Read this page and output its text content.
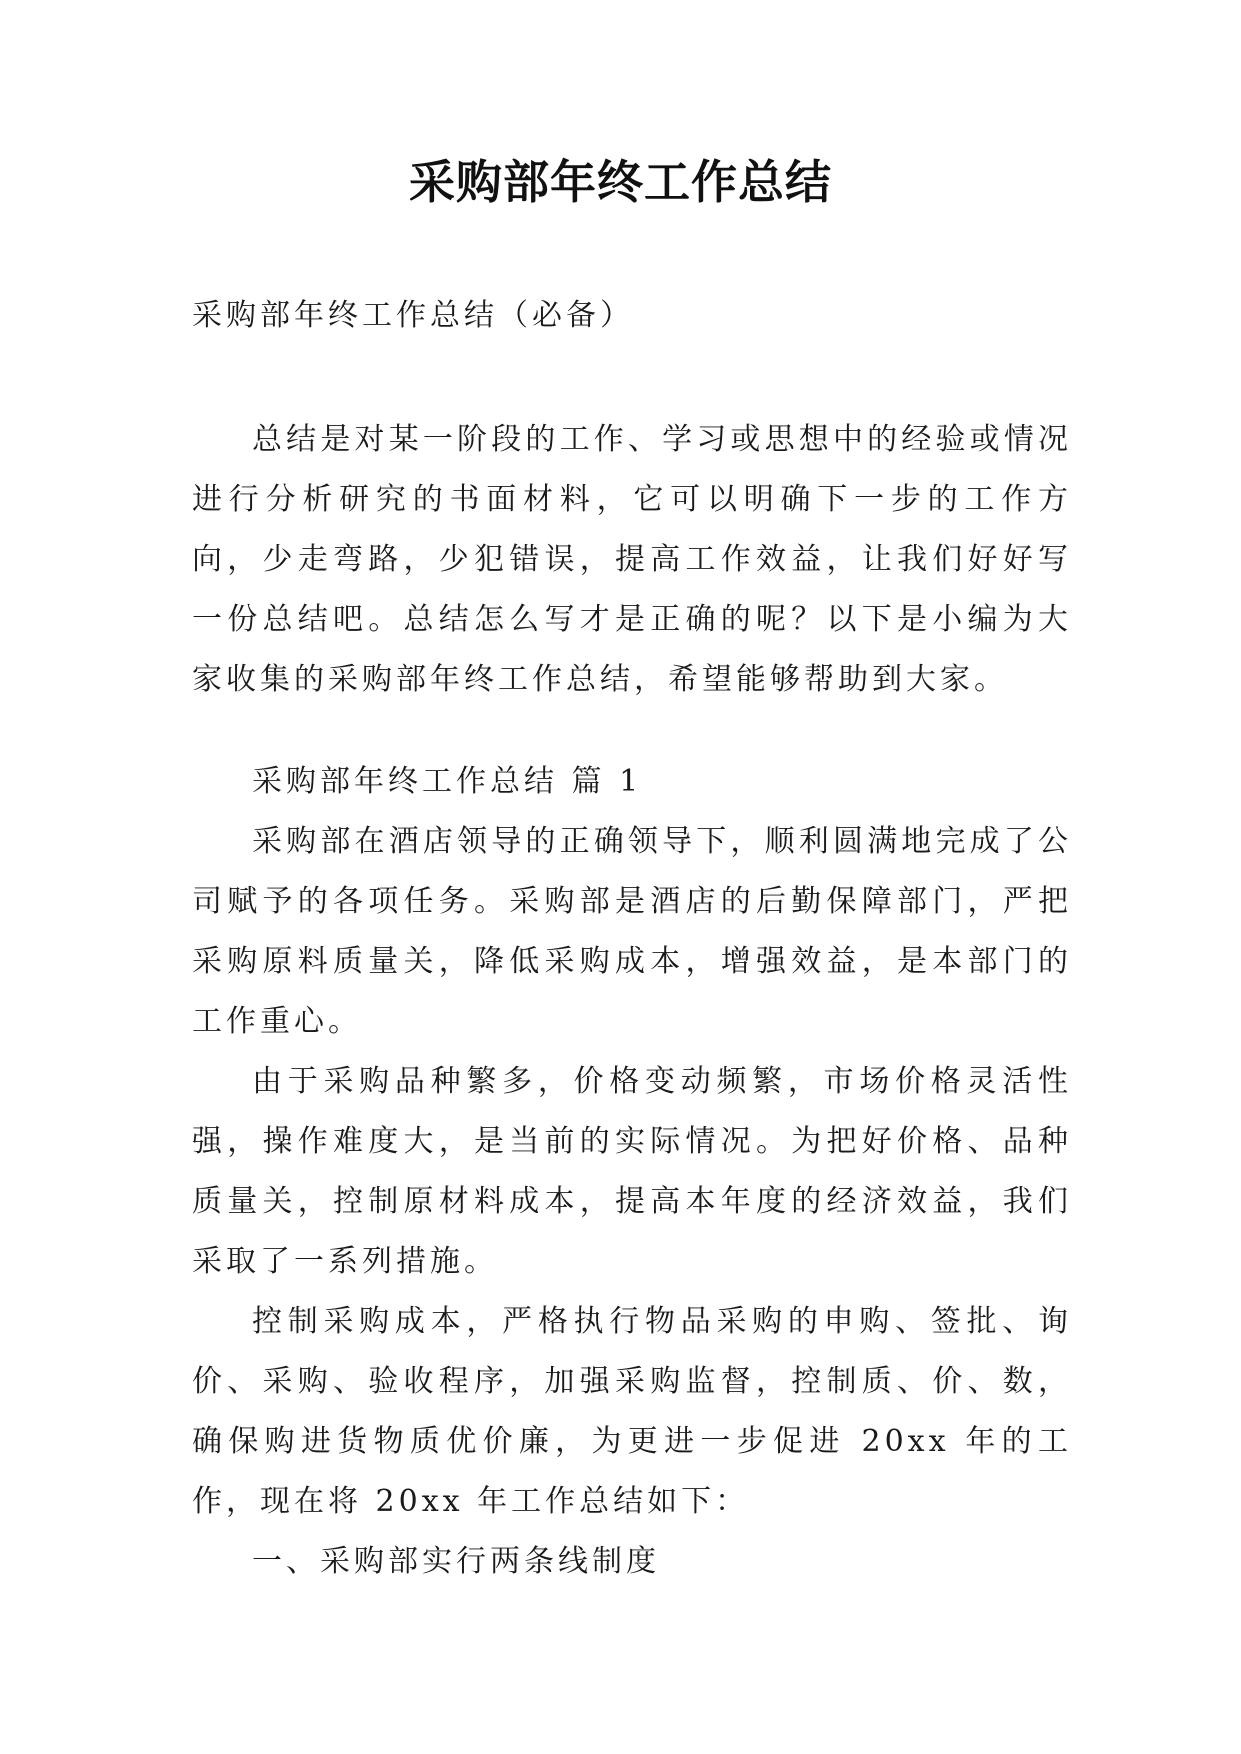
采购部年终工作总结

采购部年终工作总结（必备）

总结是对某一阶段的工作、学习或思想中的经验或情况进行分析研究的书面材料，它可以明确下一步的工作方向，少走弯路，少犯错误，提高工作效益，让我们好好写一份总结吧。总结怎么写才是正确的呢？以下是小编为大家收集的采购部年终工作总结，希望能够帮助到大家。

采购部年终工作总结 篇 1

采购部在酒店领导的正确领导下，顺利圆满地完成了公司赋予的各项任务。采购部是酒店的后勤保障部门，严把采购原料质量关，降低采购成本，增强效益，是本部门的工作重心。

由于采购品种繁多，价格变动频繁，市场价格灵活性强，操作难度大，是当前的实际情况。为把好价格、品种质量关，控制原材料成本，提高本年度的经济效益，我们采取了一系列措施。

控制采购成本，严格执行物品采购的申购、签批、询价、采购、验收程序，加强采购监督，控制质、价、数，确保购进货物质优价廉，为更进一步促进 20xx 年的工作，现在将 20xx 年工作总结如下：

一、采购部实行两条线制度
